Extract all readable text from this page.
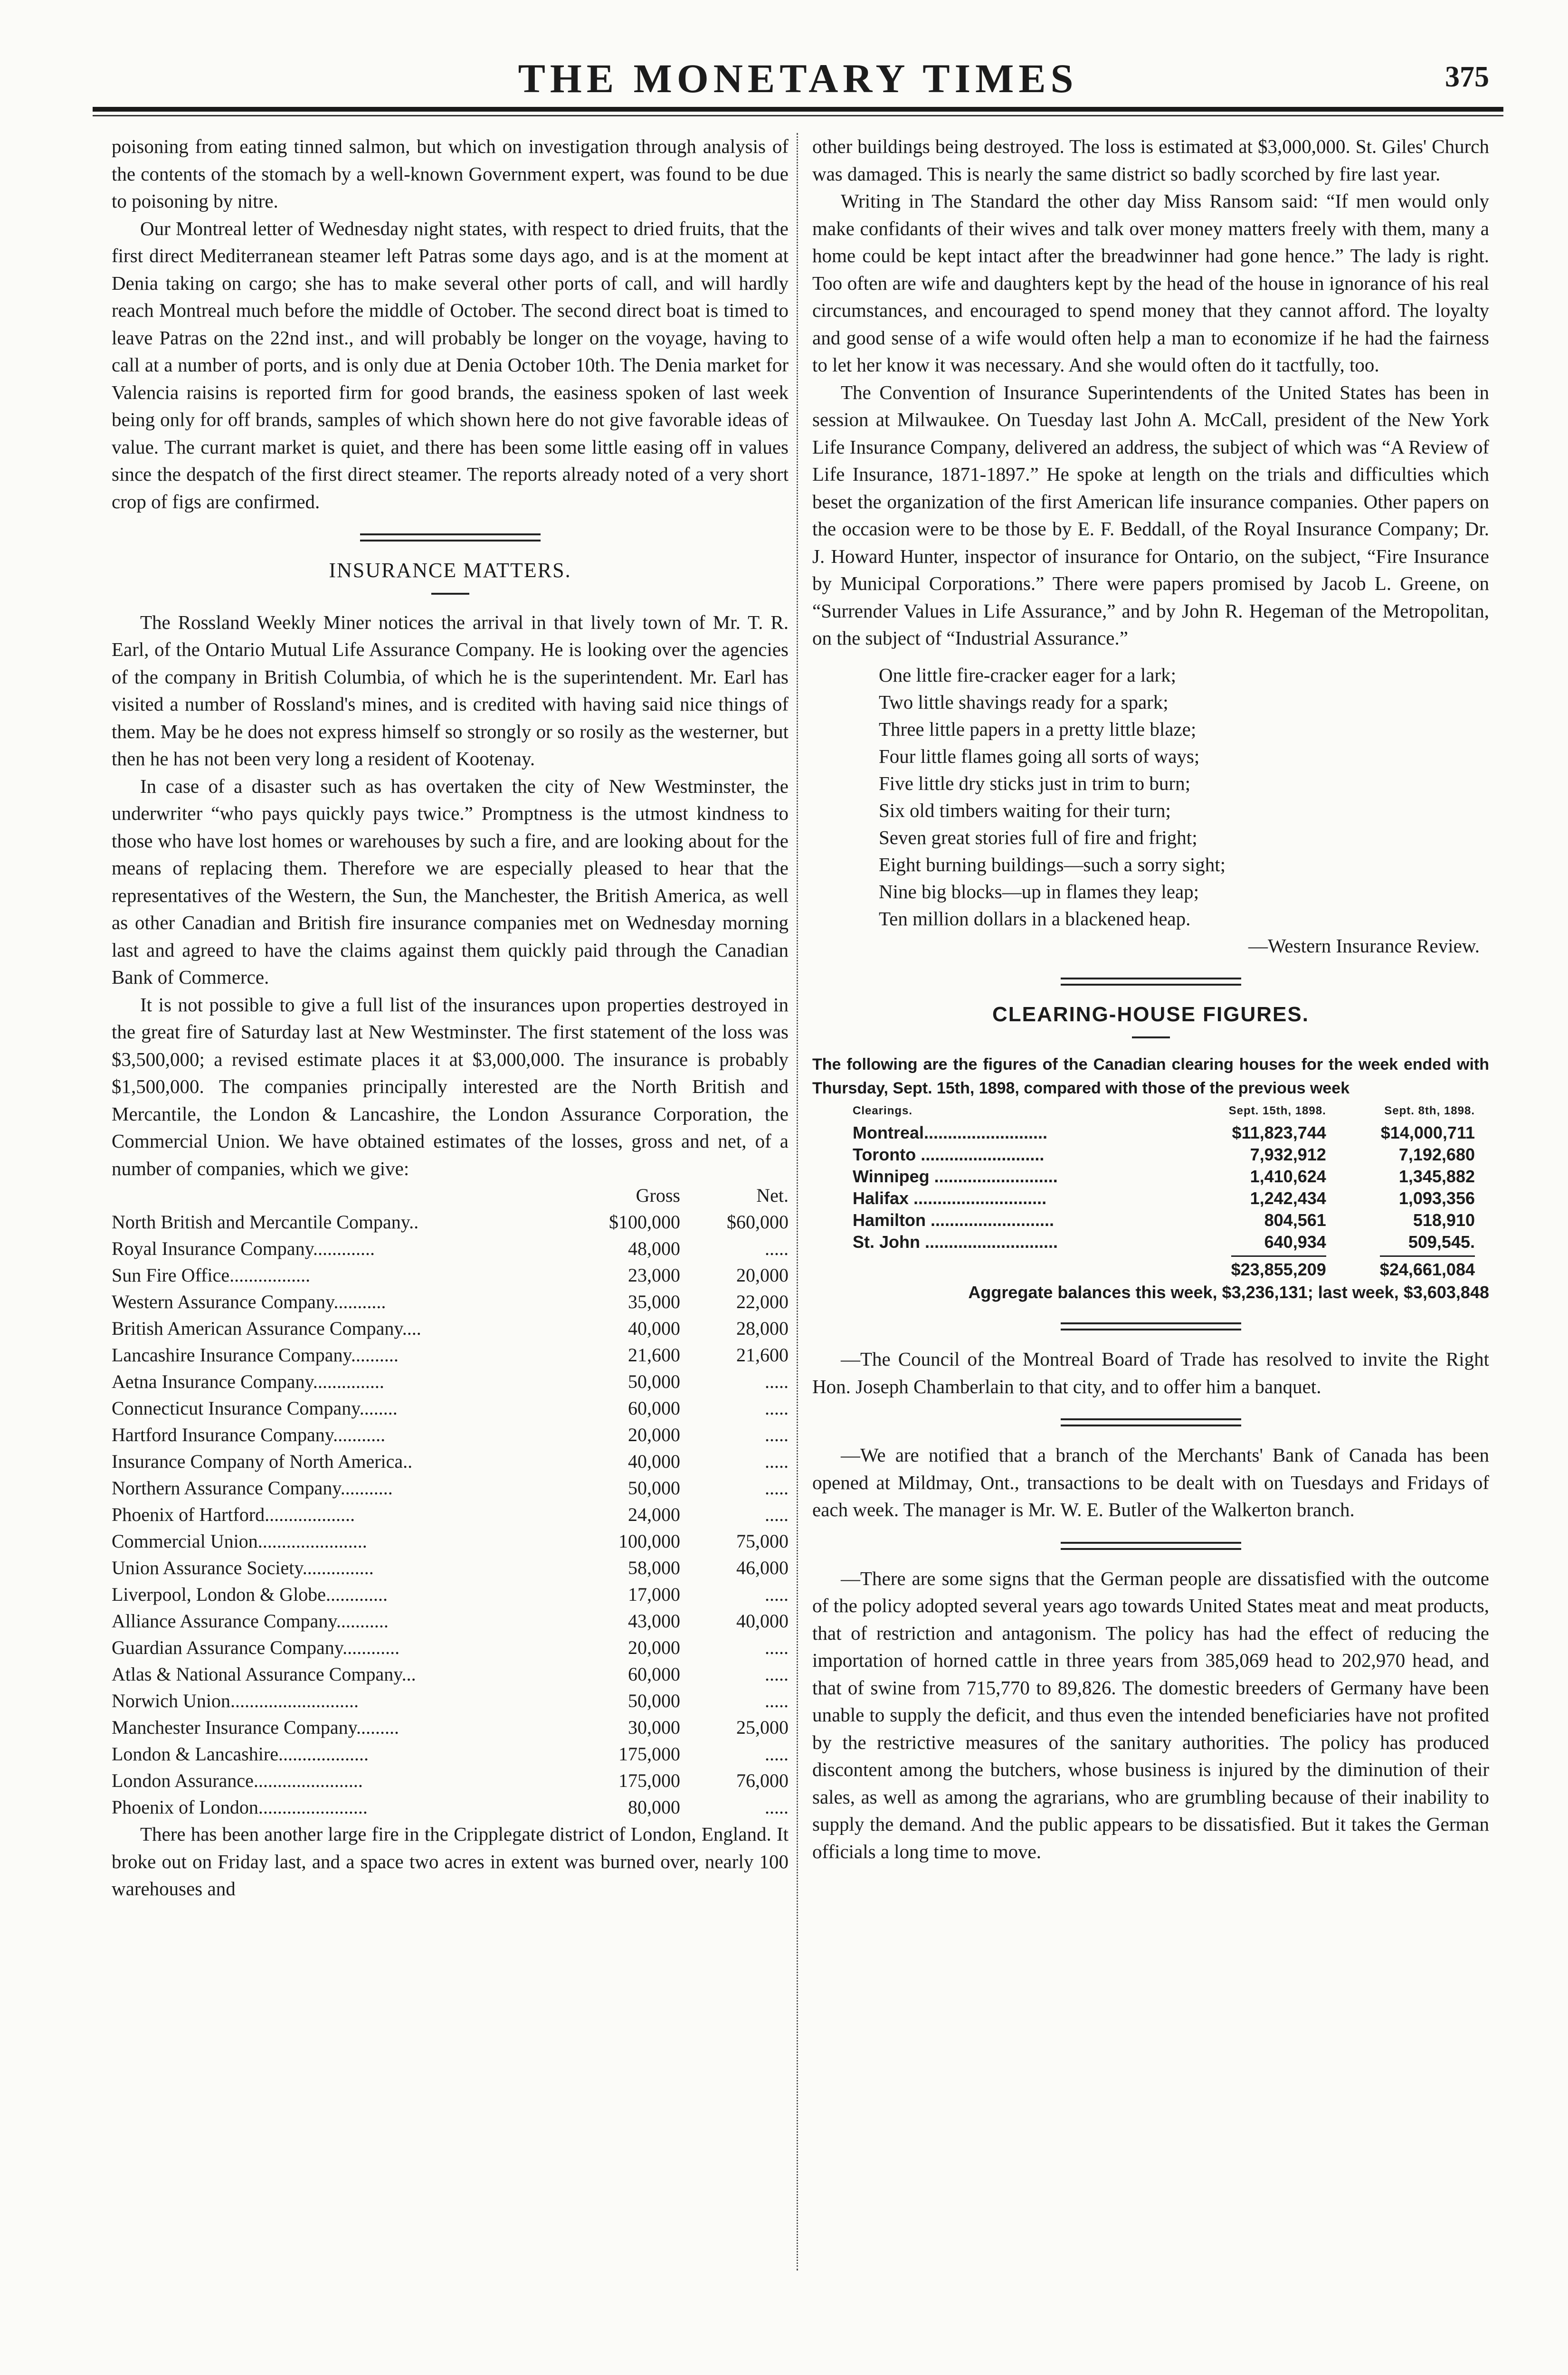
THE MONETARY TIMES	375

poisoning from eating tinned salmon, but which on investigation through analysis of the contents of the stomach by a well-known Government expert, was found to be due to poisoning by nitre.

Our Montreal letter of Wednesday night states, with respect to dried fruits, that the first direct Mediterranean steamer left Patras some days ago, and is at the moment at Denia taking on cargo; she has to make several other ports of call, and will hardly reach Montreal much before the middle of October. The second direct boat is timed to leave Patras on the 22nd inst., and will probably be longer on the voyage, having to call at a number of ports, and is only due at Denia October 10th. The Denia market for Valencia raisins is reported firm for good brands, the easiness spoken of last week being only for off brands, samples of which shown here do not give favorable ideas of value. The currant market is quiet, and there has been some little easing off in values since the despatch of the first direct steamer. The reports already noted of a very short crop of figs are confirmed.

INSURANCE MATTERS.

The Rossland Weekly Miner notices the arrival in that lively town of Mr. T. R. Earl, of the Ontario Mutual Life Assurance Company. He is looking over the agencies of the company in British Columbia, of which he is the superintendent. Mr. Earl has visited a number of Rossland's mines, and is credited with having said nice things of them. May be he does not express himself so strongly or so rosily as the westerner, but then he has not been very long a resident of Kootenay.

In case of a disaster such as has overtaken the city of New Westminster, the underwriter “who pays quickly pays twice.” Promptness is the utmost kindness to those who have lost homes or warehouses by such a fire, and are looking about for the means of replacing them. Therefore we are especially pleased to hear that the representatives of the Western, the Sun, the Manchester, the British America, as well as other Canadian and British fire insurance companies met on Wednesday morning last and agreed to have the claims against them quickly paid through the Canadian Bank of Commerce.

It is not possible to give a full list of the insurances upon properties destroyed in the great fire of Saturday last at New Westminster. The first statement of the loss was $3,500,000; a revised estimate places it at $3,000,000. The insurance is probably $1,500,000. The companies principally interested are the North British and Mercantile, the London & Lancashire, the London Assurance Corporation, the Commercial Union. We have obtained estimates of the losses, gross and net, of a number of companies, which we give:

	Gross	Net.
North British and Mercantile Company..	$100,000	$60,000
Royal Insurance Company.............	48,000	.....
Sun Fire Office.................	23,000	20,000
Western Assurance Company...........	35,000	22,000
British American Assurance Company....	40,000	28,000
Lancashire Insurance Company..........	21,600	21,600
Aetna Insurance Company...............	50,000	.....
Connecticut Insurance Company........	60,000	.....
Hartford Insurance Company...........	20,000	.....
Insurance Company of North America..	40,000	.....
Northern Assurance Company...........	50,000	.....
Phoenix of Hartford...................	24,000	.....
Commercial Union.......................	100,000	75,000
Union Assurance Society...............	58,000	46,000
Liverpool, London & Globe.............	17,000	.....
Alliance Assurance Company...........	43,000	40,000
Guardian Assurance Company............	20,000	.....
Atlas & National Assurance Company...	60,000	.....
Norwich Union...........................	50,000	.....
Manchester Insurance Company.........	30,000	25,000
London & Lancashire...................	175,000	.....
London Assurance.......................	175,000	76,000
Phoenix of London.......................	80,000	.....

There has been another large fire in the Cripplegate district of London, England. It broke out on Friday last, and a space two acres in extent was burned over, nearly 100 warehouses and

other buildings being destroyed. The loss is estimated at $3,000,000. St. Giles' Church was damaged. This is nearly the same district so badly scorched by fire last year.

Writing in The Standard the other day Miss Ransom said: “If men would only make confidants of their wives and talk over money matters freely with them, many a home could be kept intact after the breadwinner had gone hence.” The lady is right. Too often are wife and daughters kept by the head of the house in ignorance of his real circumstances, and encouraged to spend money that they cannot afford. The loyalty and good sense of a wife would often help a man to economize if he had the fairness to let her know it was necessary. And she would often do it tactfully, too.

The Convention of Insurance Superintendents of the United States has been in session at Milwaukee. On Tuesday last John A. McCall, president of the New York Life Insurance Company, delivered an address, the subject of which was “A Review of Life Insurance, 1871-1897.” He spoke at length on the trials and difficulties which beset the organization of the first American life insurance companies. Other papers on the occasion were to be those by E. F. Beddall, of the Royal Insurance Company; Dr. J. Howard Hunter, inspector of insurance for Ontario, on the subject, “Fire Insurance by Municipal Corporations.” There were papers promised by Jacob L. Greene, on “Surrender Values in Life Assurance,” and by John R. Hegeman of the Metropolitan, on the subject of “Industrial Assurance.”

One little fire-cracker eager for a lark;
Two little shavings ready for a spark;
Three little papers in a pretty little blaze;
Four little flames going all sorts of ways;
Five little dry sticks just in trim to burn;
Six old timbers waiting for their turn;
Seven great stories full of fire and fright;
Eight burning buildings—such a sorry sight;
Nine big blocks—up in flames they leap;
Ten million dollars in a blackened heap.
—Western Insurance Review.
CLEARING-HOUSE FIGURES.

The following are the figures of the Canadian clearing houses for the week ended with Thursday, Sept. 15th, 1898, compared with those of the previous week

Clearings.	Sept. 15th, 1898.	Sept. 8th, 1898.
Montreal..........................	$11,823,744	$14,000,711
Toronto ..........................	7,932,912	7,192,680
Winnipeg ..........................	1,410,624	1,345,882
Halifax ............................	1,242,434	1,093,356
Hamilton ..........................	804,561	518,910
St. John ............................	640,934	509,545.
	$23,855,209	$24,661,084
Aggregate balances this week, $3,236,131; last week, $3,603,848

—The Council of the Montreal Board of Trade has resolved to invite the Right Hon. Joseph Chamberlain to that city, and to offer him a banquet.

—We are notified that a branch of the Merchants' Bank of Canada has been opened at Mildmay, Ont., transactions to be dealt with on Tuesdays and Fridays of each week. The manager is Mr. W. E. Butler of the Walkerton branch.

—There are some signs that the German people are dissatisfied with the outcome of the policy adopted several years ago towards United States meat and meat products, that of restriction and antagonism. The policy has had the effect of reducing the importation of horned cattle in three years from 385,069 head to 202,970 head, and that of swine from 715,770 to 89,826. The domestic breeders of Germany have been unable to supply the deficit, and thus even the intended beneficiaries have not profited by the restrictive measures of the sanitary authorities. The policy has produced discontent among the butchers, whose business is injured by the diminution of their sales, as well as among the agrarians, who are grumbling because of their inability to supply the demand. And the public appears to be dissatisfied. But it takes the German officials a long time to move.
